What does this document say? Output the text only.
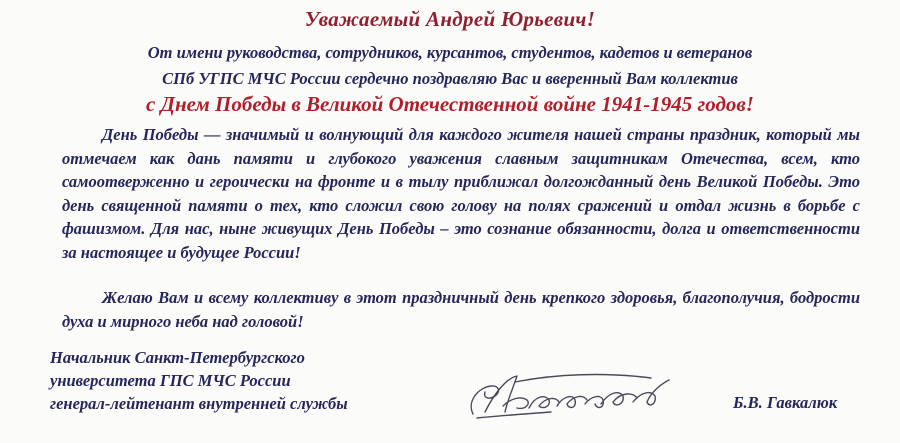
Уважаемый Андрей Юрьевич!
От имени руководства, сотрудников, курсантов, студентов, кадетов и ветеранов
СПб УГПС МЧС России сердечно поздравляю Вас и вверенный Вам коллектив
с Днем Победы в Великой Отечественной войне 1941-1945 годов!

День Победы — значимый и волнующий для каждого жителя нашей страны праздник, который мы отмечаем как дань памяти и глубокого уважения славным защитникам Отечества, всем, кто самоотверженно и героически на фронте и в тылу приближал долгожданный день Великой Победы. Это день священной памяти о тех, кто сложил свою голову на полях сражений и отдал жизнь в борьбе с фашизмом. Для нас, ныне живущих День Победы – это сознание обязанности, долга и ответственности за настоящее и будущее России!

Желаю Вам и всему коллективу в этот праздничный день крепкого здоровья, благополучия, бодрости духа и мирного неба над головой!

Начальник Санкт-Петербургского
университета ГПС МЧС России
генерал-лейтенант внутренней службы	Б.В. Гавкалюк
